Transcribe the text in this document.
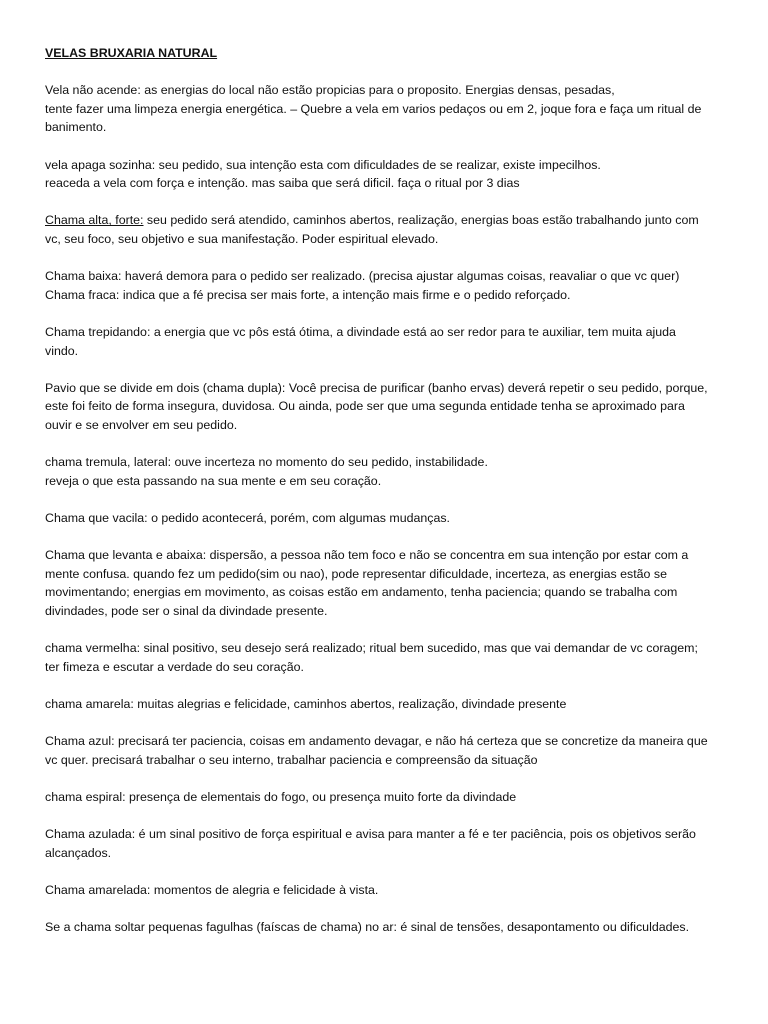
VELAS BRUXARIA NATURAL
Vela não acende: as energias do local não estão propicias para o proposito. Energias densas, pesadas,
tente fazer uma limpeza energia energética. – Quebre a vela em varios pedaços ou em 2, joque fora e faça um ritual de
banimento.
vela apaga sozinha: seu pedido, sua intenção esta com dificuldades de se realizar, existe impecilhos.
reaceda a vela com força e intenção. mas saiba que será dificil. faça o ritual por 3 dias
Chama alta, forte: seu pedido será atendido, caminhos abertos, realização, energias boas estão trabalhando junto com
vc, seu foco, seu objetivo e sua manifestação. Poder espiritual elevado.
Chama baixa: haverá demora para o pedido ser realizado. (precisa ajustar algumas coisas, reavaliar o que vc quer)
Chama fraca: indica que a fé precisa ser mais forte, a intenção mais firme e o pedido reforçado.
Chama trepidando: a energia que vc pôs está ótima, a divindade está ao ser redor para te auxiliar, tem muita ajuda
vindo.
Pavio que se divide em dois (chama dupla): Você precisa de purificar (banho ervas) deverá repetir o seu pedido, porque,
este foi feito de forma insegura, duvidosa. Ou ainda, pode ser que uma segunda entidade tenha se aproximado para
ouvir e se envolver em seu pedido.
chama tremula, lateral: ouve incerteza no momento do seu pedido, instabilidade.
reveja o que esta passando na sua mente e em seu coração.
Chama que vacila: o pedido acontecerá, porém, com algumas mudanças.
Chama que levanta e abaixa: dispersão, a pessoa não tem foco e não se concentra em sua intenção por estar com a
mente confusa. quando fez um pedido(sim ou nao), pode representar dificuldade, incerteza, as energias estão se
movimentando; energias em movimento, as coisas estão em andamento, tenha paciencia; quando se trabalha com
divindades, pode ser o sinal da divindade presente.
chama vermelha: sinal positivo, seu desejo será realizado; ritual bem sucedido, mas que vai demandar de vc coragem;
ter fimeza e escutar a verdade do seu coração.
chama amarela: muitas alegrias e felicidade, caminhos abertos, realização, divindade presente
Chama azul: precisará ter paciencia, coisas em andamento devagar, e não há certeza que se concretize da maneira que
vc quer. precisará trabalhar o seu interno, trabalhar paciencia e compreensão da situação
chama espiral: presença de elementais do fogo, ou presença muito forte da divindade
Chama azulada: é um sinal positivo de força espiritual e avisa para manter a fé e ter paciência, pois os objetivos serão
alcançados.
Chama amarelada: momentos de alegria e felicidade à vista.
Se a chama soltar pequenas fagulhas (faíscas de chama) no ar: é sinal de tensões, desapontamento ou dificuldades.
